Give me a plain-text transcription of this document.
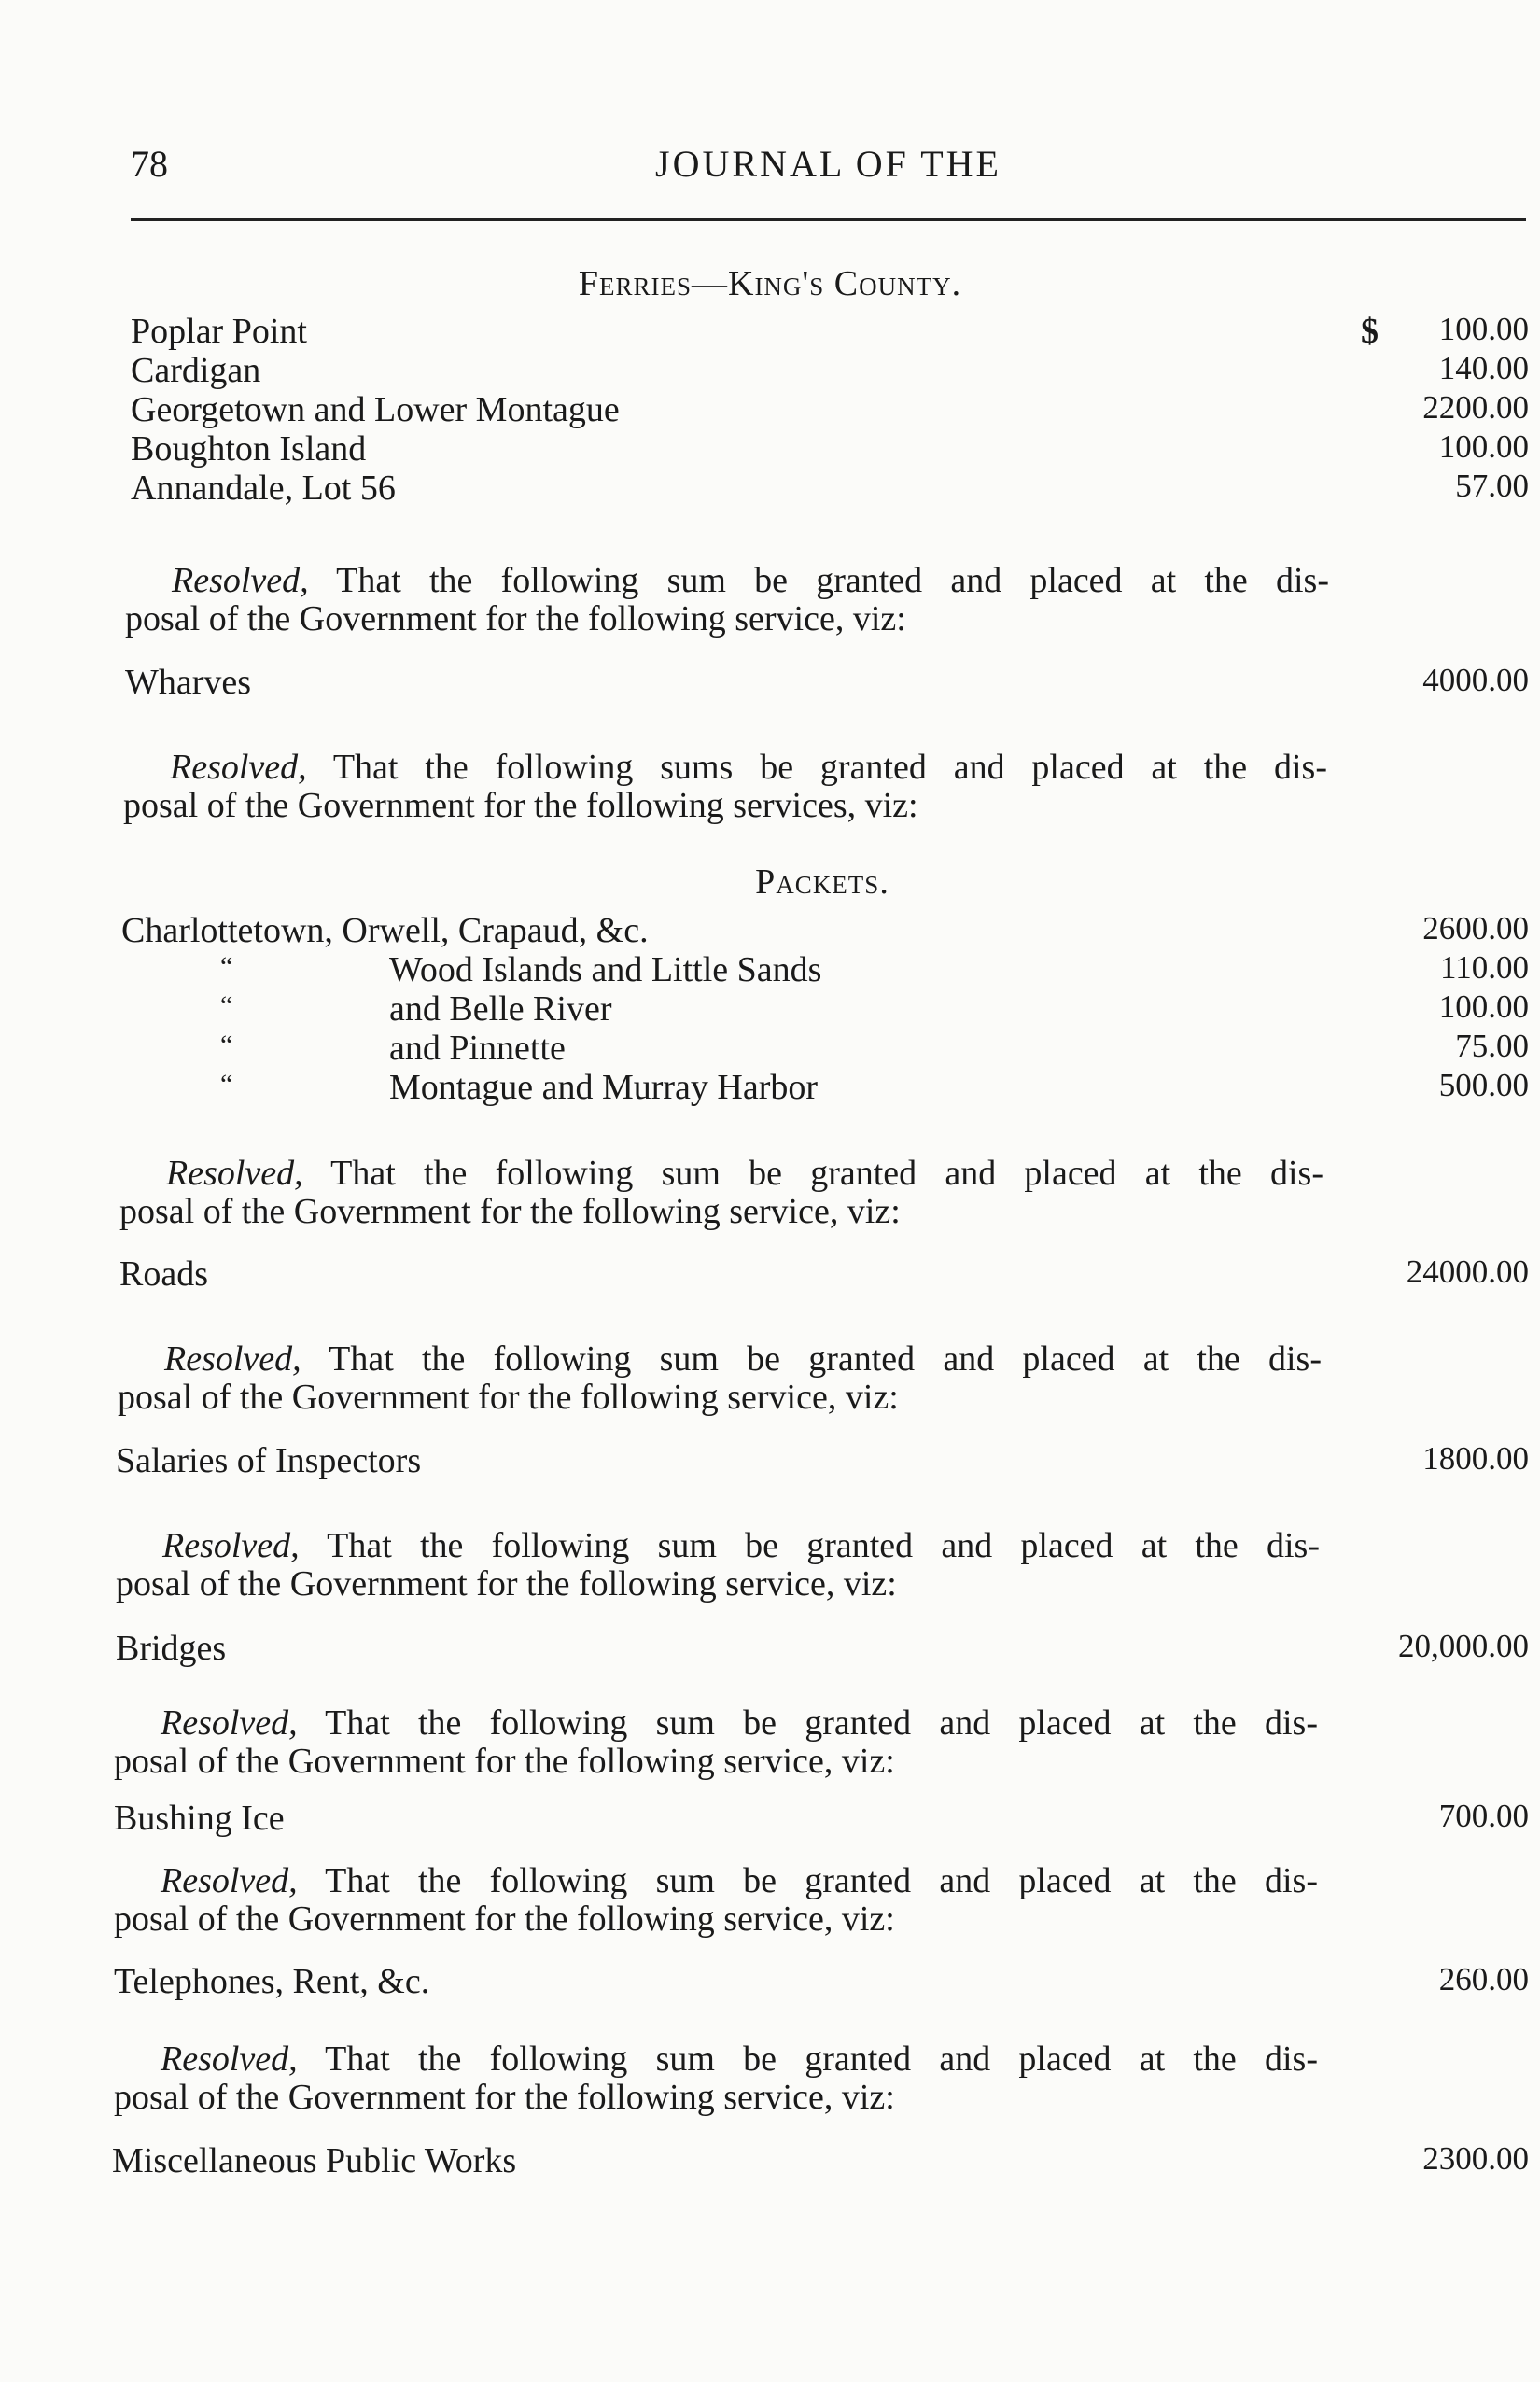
78	JOURNAL OF THE
Ferries—King's County.
Poplar Point	$ 100.00
Cardigan	140.00
Georgetown and Lower Montague	2200.00
Boughton Island	100.00
Annandale, Lot 56	57.00
Resolved, That the following sum be granted and placed at the dis-
posal of the Government for the following service, viz:
Wharves	4000.00
Resolved, That the following sums be granted and placed at the dis-
posal of the Government for the following services, viz:
Packets.
Charlottetown, Orwell, Crapaud, &c.	2600.00
“	Wood Islands and Little Sands	110.00
“	and Belle River	100.00
“	and Pinnette	75.00
“	Montague and Murray Harbor	500.00
Resolved, That the following sum be granted and placed at the dis-
posal of the Government for the following service, viz:
Roads	24000.00
Resolved, That the following sum be granted and placed at the dis-
posal of the Government for the following service, viz:
Salaries of Inspectors	1800.00
Resolved, That the following sum be granted and placed at the dis-
posal of the Government for the following service, viz:
Bridges	20,000.00
Resolved, That the following sum be granted and placed at the dis-
posal of the Government for the following service, viz:
Bushing Ice	700.00
Resolved, That the following sum be granted and placed at the dis-
posal of the Government for the following service, viz:
Telephones, Rent, &c.	260.00
Resolved, That the following sum be granted and placed at the dis-
posal of the Government for the following service, viz:
Miscellaneous Public Works	2300.00
